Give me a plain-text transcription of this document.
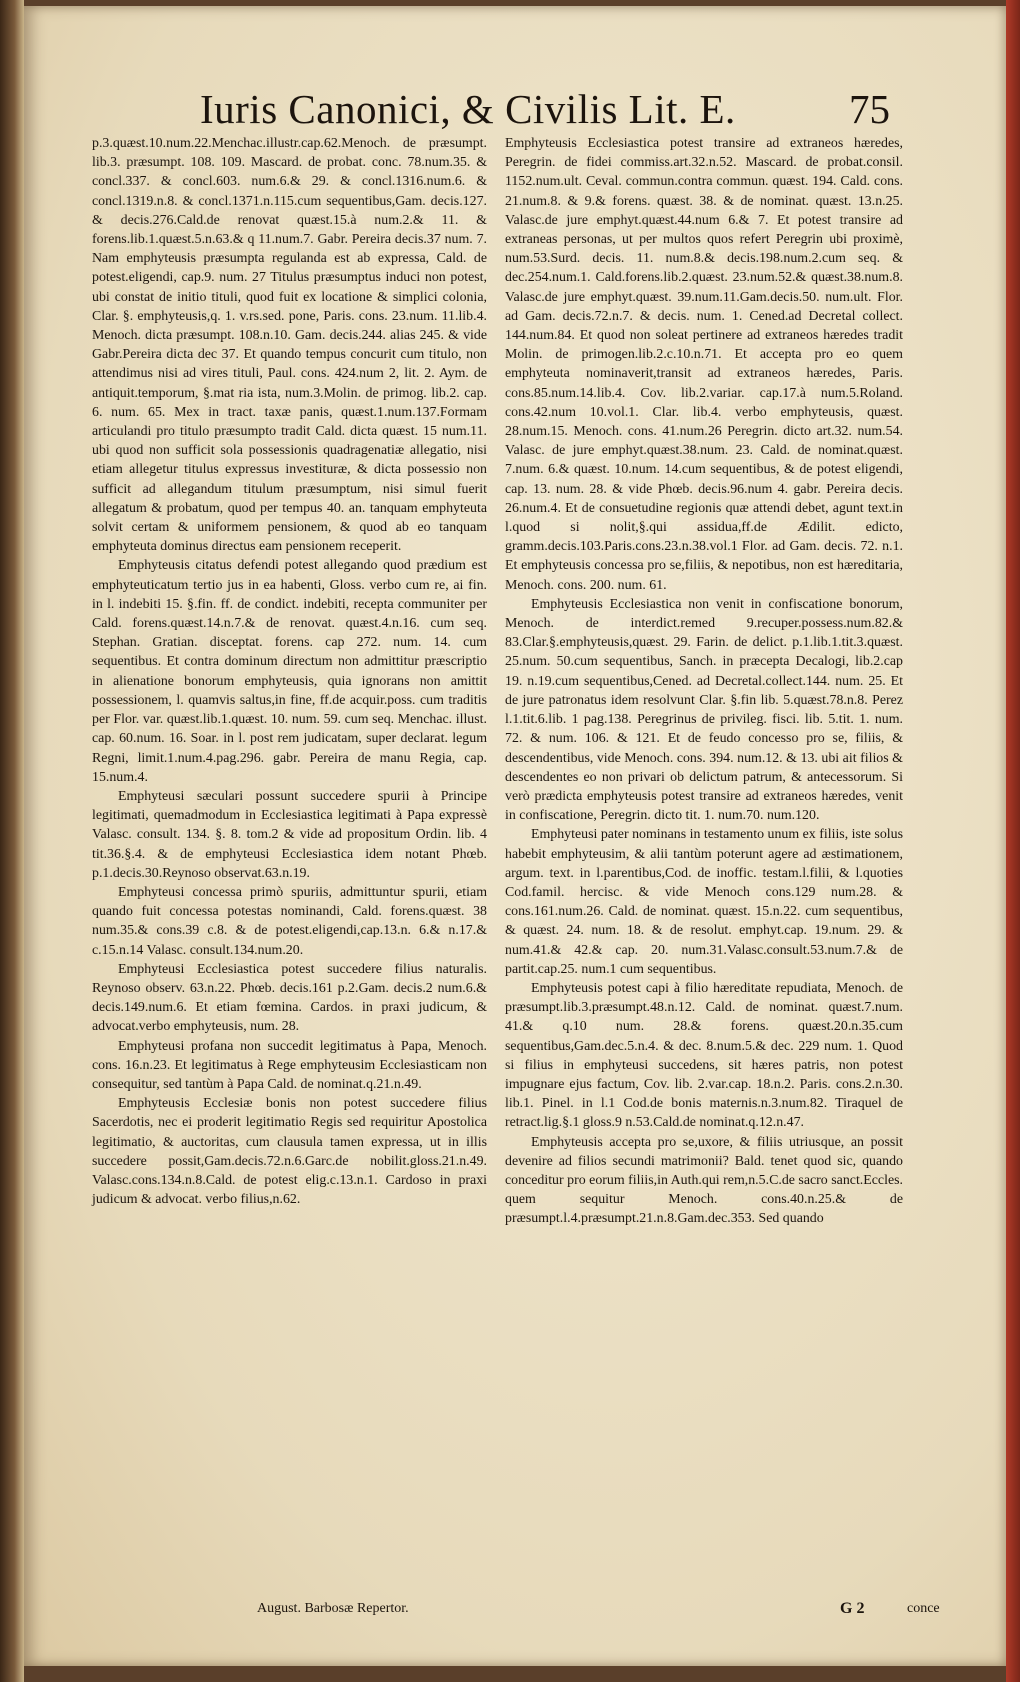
Iuris Canonici, & Civilis Lit. E.	75

p.3.quæst.10.num.22.Menchac.illustr.cap.62.Menoch. de præsumpt. lib.3. præsumpt. 108. 109. Mascard. de probat. conc. 78.num.35. & concl.337. & concl.603. num.6.& 29. & concl.1316.num.6. & concl.1319.n.8. & concl.1371.n.115.cum sequentibus,Gam. decis.127. & decis.276.Cald.de renovat quæst.15.à num.2.& 11. & forens.lib.1.quæst.5.n.63.& q 11.num.7. Gabr. Pereira decis.37 num. 7. Nam emphyteusis præsumpta regulanda est ab expressa, Cald. de potest.eligendi, cap.9. num. 27 Titulus præsumptus induci non potest, ubi constat de initio tituli, quod fuit ex locatione & simplici colonia, Clar. §. emphyteusis,q. 1. v.rs.sed. pone, Paris. cons. 23.num. 11.lib.4. Menoch. dicta præsumpt. 108.n.10. Gam. decis.244. alias 245. & vide Gabr.Pereira dicta dec 37. Et quando tempus concurit cum titulo, non attendimus nisi ad vires tituli, Paul. cons. 424.num 2, lit. 2. Aym. de antiquit.temporum, §.mat ria ista, num.3.Molin. de primog. lib.2. cap. 6. num. 65. Mex in tract. taxæ panis, quæst.1.num.137.Formam articulandi pro titulo præsumpto tradit Cald. dicta quæst. 15 num.11. ubi quod non sufficit sola possessionis quadragenatiæ allegatio, nisi etiam allegetur titulus expressus investituræ, & dicta possessio non sufficit ad allegandum titulum præsumptum, nisi simul fuerit allegatum & probatum, quod per tempus 40. an. tanquam emphyteuta solvit certam & uniformem pensionem, & quod ab eo tanquam emphyteuta dominus directus eam pensionem receperit.

Emphyteusis citatus defendi potest allegando quod prædium est emphyteuticatum tertio jus in ea habenti, Gloss. verbo cum re, ai fin. in l. indebiti 15. §.fin. ff. de condict. indebiti, recepta communiter per Cald. forens.quæst.14.n.7.& de renovat. quæst.4.n.16. cum seq. Stephan. Gratian. disceptat. forens. cap 272. num. 14. cum sequentibus. Et contra dominum directum non admittitur præscriptio in alienatione bonorum emphyteusis, quia ignorans non amittit possessionem, l. quamvis saltus,in fine, ff.de acquir.poss. cum traditis per Flor. var. quæst.lib.1.quæst. 10. num. 59. cum seq. Menchac. illust. cap. 60.num. 16. Soar. in l. post rem judicatam, super declarat. legum Regni, limit.1.num.4.pag.296. gabr. Pereira de manu Regia, cap. 15.num.4.

Emphyteusi sæculari possunt succedere spurii à Principe legitimati, quemadmodum in Ecclesiastica legitimati à Papa expressè Valasc. consult. 134. §. 8. tom.2 & vide ad propositum Ordin. lib. 4 tit.36.§.4. & de emphyteusi Ecclesiastica idem notant Phœb. p.1.decis.30.Reynoso observat.63.n.19.

Emphyteusi concessa primò spuriis, admittuntur spurii, etiam quando fuit concessa potestas nominandi, Cald. forens.quæst. 38 num.35.& cons.39 c.8. & de potest.eligendi,cap.13.n. 6.& n.17.& c.15.n.14 Valasc. consult.134.num.20.

Emphyteusi Ecclesiastica potest succedere filius naturalis. Reynoso observ. 63.n.22. Phœb. decis.161 p.2.Gam. decis.2 num.6.& decis.149.num.6. Et etiam fœmina. Cardos. in praxi judicum, & advocat.verbo emphyteusis, num. 28.

Emphyteusi profana non succedit legitimatus à Papa, Menoch. cons. 16.n.23. Et legitimatus à Rege emphyteusim Ecclesiasticam non consequitur, sed tantùm à Papa Cald. de nominat.q.21.n.49.

Emphyteusis Ecclesiæ bonis non potest succedere filius Sacerdotis, nec ei proderit legitimatio Regis sed requiritur Apostolica legitimatio, & auctoritas, cum clausula tamen expressa, ut in illis succedere possit,Gam.decis.72.n.6.Garc.de nobilit.gloss.21.n.49. Valasc.cons.134.n.8.Cald. de potest elig.c.13.n.1. Cardoso in praxi judicum & advocat. verbo filius,n.62.

Emphyteusis Ecclesiastica potest transire ad extraneos hæredes, Peregrin. de fidei commiss.art.32.n.52. Mascard. de probat.consil. 1152.num.ult. Ceval. commun.contra commun. quæst. 194. Cald. cons. 21.num.8. & 9.& forens. quæst. 38. & de nominat. quæst. 13.n.25. Valasc.de jure emphyt.quæst.44.num 6.& 7. Et potest transire ad extraneas personas, ut per multos quos refert Peregrin ubi proximè, num.53.Surd. decis. 11. num.8.& decis.198.num.2.cum seq. & dec.254.num.1. Cald.forens.lib.2.quæst. 23.num.52.& quæst.38.num.8. Valasc.de jure emphyt.quæst. 39.num.11.Gam.decis.50. num.ult. Flor. ad Gam. decis.72.n.7. & decis. num. 1. Cened.ad Decretal collect. 144.num.84. Et quod non soleat pertinere ad extraneos hæredes tradit Molin. de primogen.lib.2.c.10.n.71. Et accepta pro eo quem emphyteuta nominaverit,transit ad extraneos hæredes, Paris. cons.85.num.14.lib.4. Cov. lib.2.variar. cap.17.à num.5.Roland. cons.42.num 10.vol.1. Clar. lib.4. verbo emphyteusis, quæst. 28.num.15. Menoch. cons. 41.num.26 Peregrin. dicto art.32. num.54. Valasc. de jure emphyt.quæst.38.num. 23. Cald. de nominat.quæst. 7.num. 6.& quæst. 10.num. 14.cum sequentibus, & de potest eligendi, cap. 13. num. 28. & vide Phœb. decis.96.num 4. gabr. Pereira decis. 26.num.4. Et de consuetudine regionis quæ attendi debet, agunt text.in l.quod si nolit,§.qui assidua,ff.de Ædilit. edicto, gramm.decis.103.Paris.cons.23.n.38.vol.1 Flor. ad Gam. decis. 72. n.1. Et emphyteusis concessa pro se,filiis, & nepotibus, non est hæreditaria, Menoch. cons. 200. num. 61.

Emphyteusis Ecclesiastica non venit in confiscatione bonorum, Menoch. de interdict.remed 9.recuper.possess.num.82.& 83.Clar.§.emphyteusis,quæst. 29. Farin. de delict. p.1.lib.1.tit.3.quæst. 25.num. 50.cum sequentibus, Sanch. in præcepta Decalogi, lib.2.cap 19. n.19.cum sequentibus,Cened. ad Decretal.collect.144. num. 25. Et de jure patronatus idem resolvunt Clar. §.fin lib. 5.quæst.78.n.8. Perez l.1.tit.6.lib. 1 pag.138. Peregrinus de privileg. fisci. lib. 5.tit. 1. num. 72. & num. 106. & 121. Et de feudo concesso pro se, filiis, & descendentibus, vide Menoch. cons. 394. num.12. & 13. ubi ait filios & descendentes eo non privari ob delictum patrum, & antecessorum. Si verò prædicta emphyteusis potest transire ad extraneos hæredes, venit in confiscatione, Peregrin. dicto tit. 1. num.70. num.120.

Emphyteusi pater nominans in testamento unum ex filiis, iste solus habebit emphyteusim, & alii tantùm poterunt agere ad æstimationem, argum. text. in l.parentibus,Cod. de inoffic. testam.l.filii, & l.quoties Cod.famil. hercisc. & vide Menoch cons.129 num.28. & cons.161.num.26. Cald. de nominat. quæst. 15.n.22. cum sequentibus, & quæst. 24. num. 18. & de resolut. emphyt.cap. 19.num. 29. & num.41.& 42.& cap. 20. num.31.Valasc.consult.53.num.7.& de partit.cap.25. num.1 cum sequentibus.

Emphyteusis potest capi à filio hæreditate repudiata, Menoch. de præsumpt.lib.3.præsumpt.48.n.12. Cald. de nominat. quæst.7.num. 41.& q.10 num. 28.& forens. quæst.20.n.35.cum sequentibus,Gam.dec.5.n.4. & dec. 8.num.5.& dec. 229 num. 1. Quod si filius in emphyteusi succedens, sit hæres patris, non potest impugnare ejus factum, Cov. lib. 2.var.cap. 18.n.2. Paris. cons.2.n.30. lib.1. Pinel. in l.1 Cod.de bonis maternis.n.3.num.82. Tiraquel de retract.lig.§.1 gloss.9 n.53.Cald.de nominat.q.12.n.47.

Emphyteusis accepta pro se,uxore, & filiis utriusque, an possit devenire ad filios secundi matrimonii? Bald. tenet quod sic, quando conceditur pro eorum filiis,in Auth.qui rem,n.5.C.de sacro sanct.Eccles. quem sequitur Menoch. cons.40.n.25.& de præsumpt.l.4.præsumpt.21.n.8.Gam.dec.353. Sed quando

August. Barbosæ Repertor.	G 2	conce
